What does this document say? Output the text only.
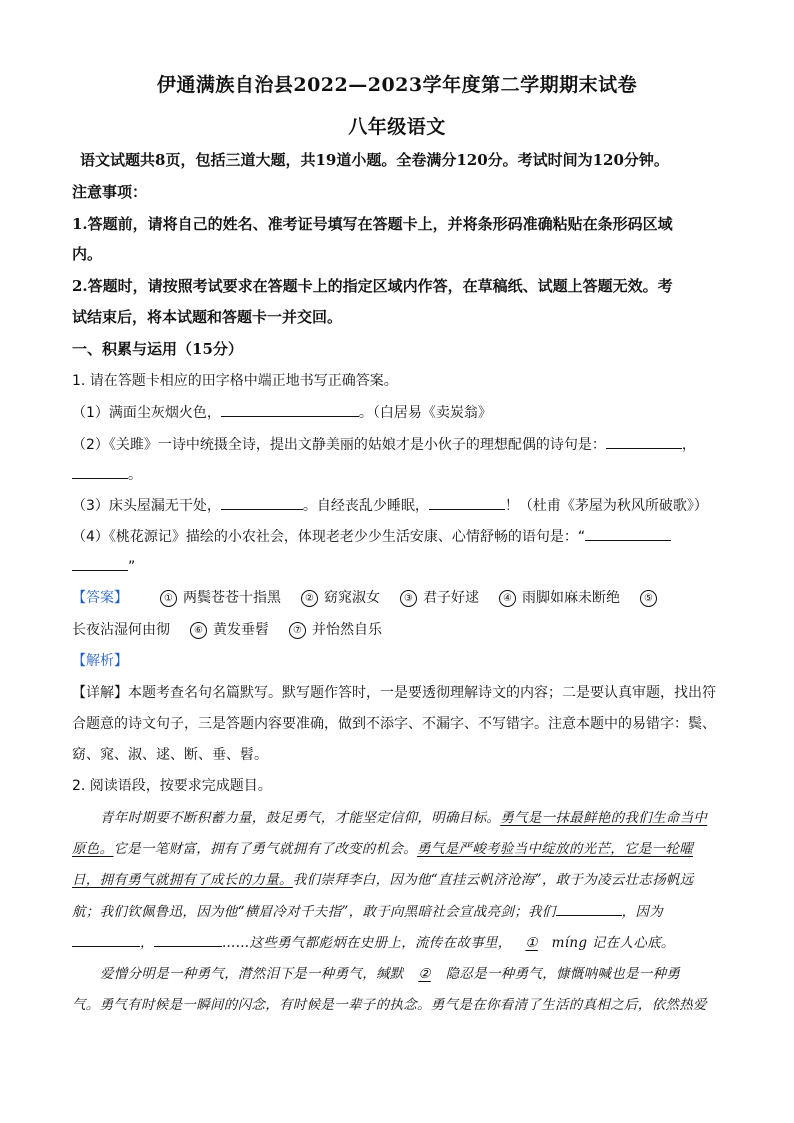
伊通满族自治县2022—2023学年度第二学期期末试卷
八年级语文
语文试题共8页，包括三道大题，共19道小题。全卷满分120分。考试时间为120分钟。
注意事项：
1.答题前，请将自己的姓名、准考证号填写在答题卡上，并将条形码准确粘贴在条形码区域
内。
2.答题时，请按照考试要求在答题卡上的指定区域内作答，在草稿纸、试题上答题无效。考
试结束后，将本试题和答题卡一并交回。
一、积累与运用（15分）
1. 请在答题卡相应的田字格中端正地书写正确答案。
（1）满面尘灰烟火色，	。（白居易《卖炭翁》
（2）《关雎》一诗中统摄全诗，提出文静美丽的姑娘才是小伙子的理想配偶的诗句是：	，
。
（3）床头屋漏无干处，	。自经丧乱少睡眠，	！（杜甫《茅屋为秋风所破歌》）
（4）《桃花源记》描绘的小农社会，体现老老少少生活安康、心情舒畅的语句是：“
”
【答案】	① 两鬓苍苍十指黑 ② 窈窕淑女 ③ 君子好逑 ④ 雨脚如麻未断绝 ⑤
长夜沾湿何由彻 ⑥ 黄发垂髫 ⑦ 并怡然自乐
【解析】
【详解】本题考查名句名篇默写。默写题作答时，一是要透彻理解诗文的内容；二是要认真审题，找出符
合题意的诗文句子，三是答题内容要准确，做到不添字、不漏字、不写错字。注意本题中的易错字：鬓、
窈、窕、淑、逑、断、垂、髫。
2. 阅读语段，按要求完成题目。
青年时期要不断积蓄力量，鼓足勇气，才能坚定信仰，明确目标。勇气是一抹最鲜艳的我们生命当中
原色。它是一笔财富，拥有了勇气就拥有了改变的机会。勇气是严峻考验当中绽放的光芒，它是一轮曜
日，拥有勇气就拥有了成长的力量。我们崇拜李白，因为他“直挂云帆济沧海”，敢于为凌云壮志扬帆远
航；我们钦佩鲁迅，因为他“横眉冷对千夫指”，敢于向黑暗社会宣战亮剑；我们	，因为
，	……这些勇气都彪炳在史册上，流传在故事里， ① míng 记在人心底。
爱憎分明是一种勇气，潸然泪下是一种勇气，缄默 ② 隐忍是一种勇气，慷慨呐喊也是一种勇
气。勇气有时候是一瞬间的闪念，有时候是一辈子的执念。勇气是在你看清了生活的真相之后，依然热爱
